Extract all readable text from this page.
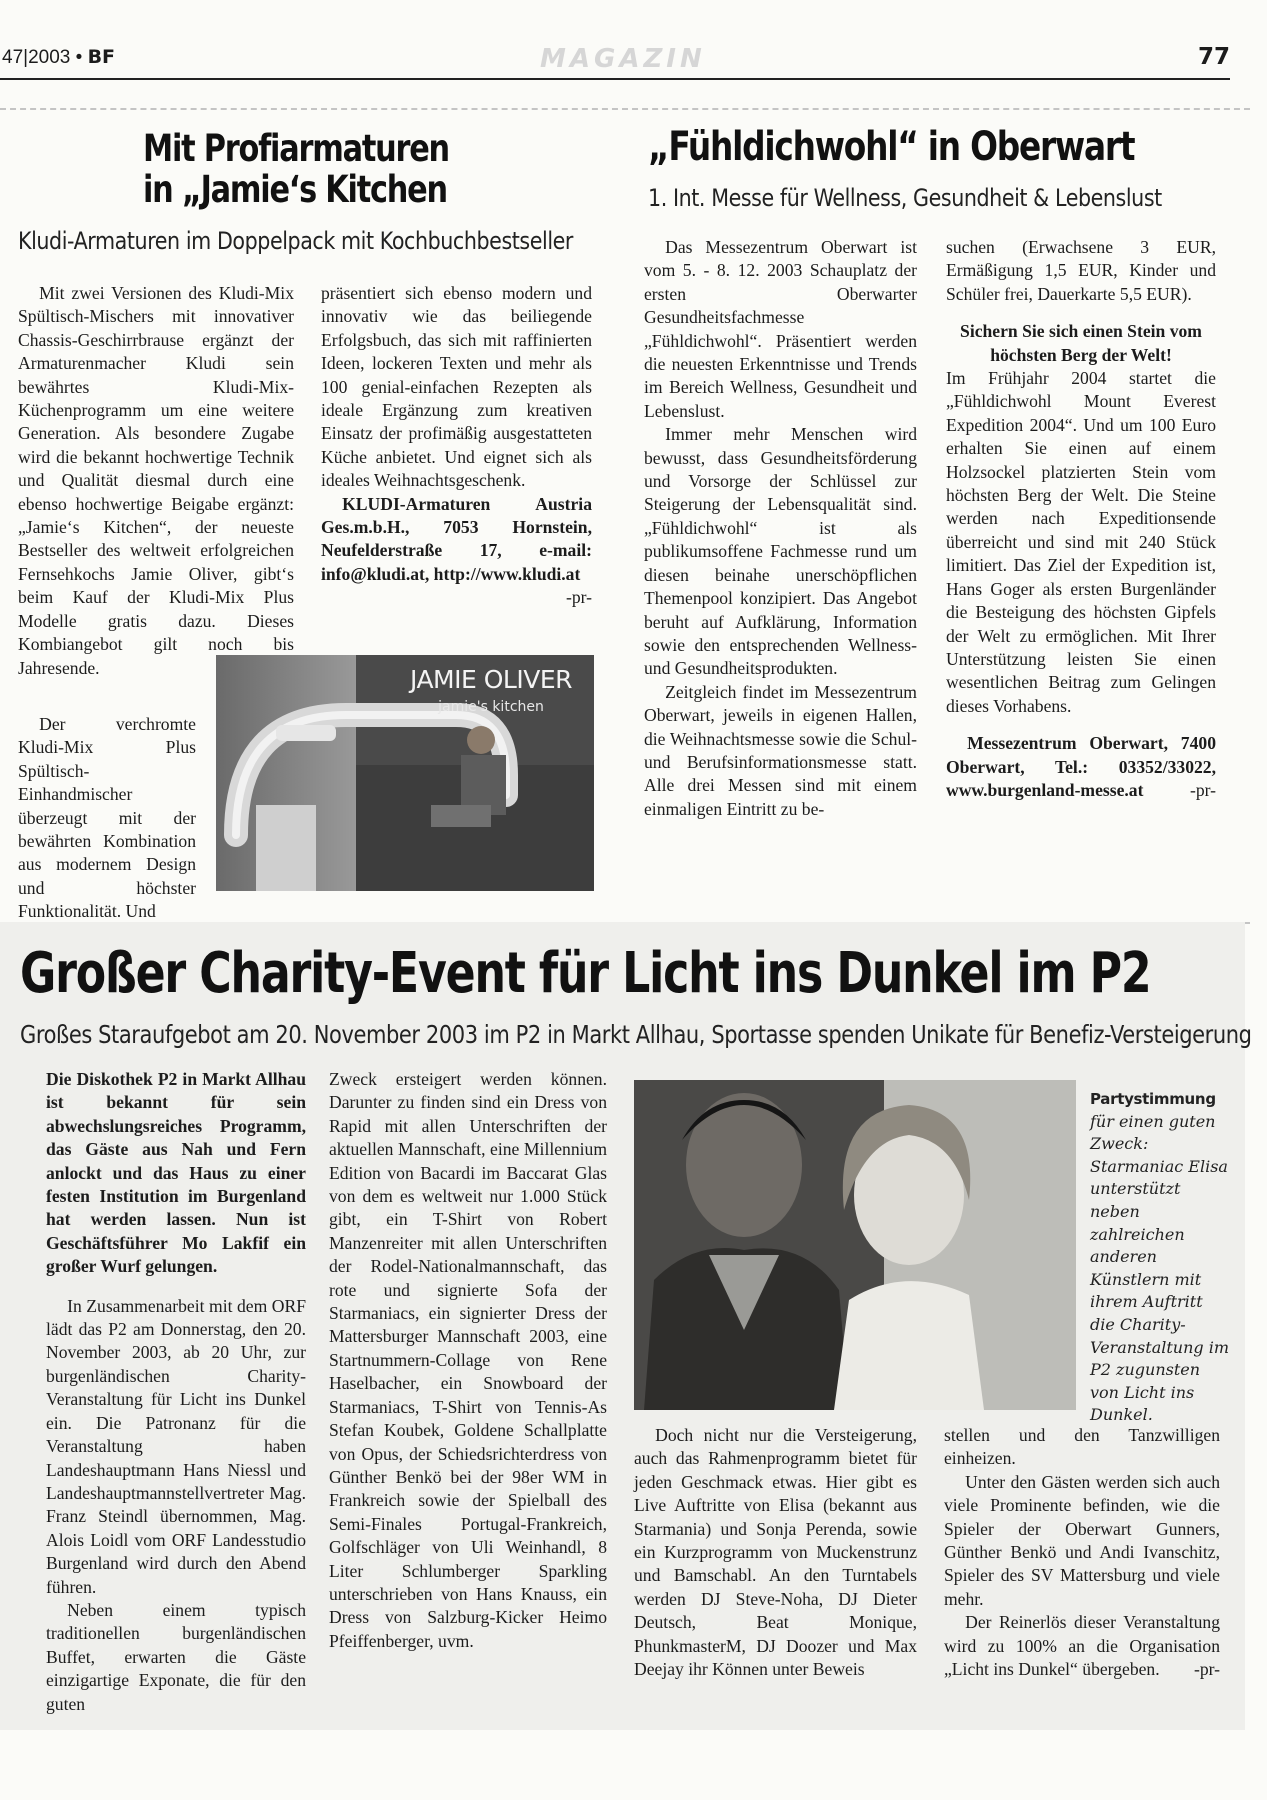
47|2003 • BF	MAGAZIN	77
Mit Profiarmaturen
in „Jamie‘s Kitchen
Kludi-Armaturen im Doppelpack mit Kochbuchbestseller

Mit zwei Versionen des Kludi-Mix Spültisch-Mischers mit innovativer Chassis-Geschirrbrause ergänzt der Armaturenmacher Kludi sein bewährtes Kludi-Mix-Küchenprogramm um eine weitere Generation. Als besondere Zugabe wird die bekannt hochwertige Technik und Qualität diesmal durch eine ebenso hochwertige Beigabe ergänzt: „Jamie‘s Kitchen“, der neueste Bestseller des weltweit erfolgreichen Fernsehkochs Jamie Oliver, gibt‘s beim Kauf der Kludi-Mix Plus Modelle gratis dazu. Dieses Kombiangebot gilt noch bis Jahresende.

Der verchromte Kludi-Mix Plus Spültisch-Einhandmischer überzeugt mit der bewährten Kombination aus modernem Design und höchster Funktionalität. Und

präsentiert sich ebenso modern und innovativ wie das beiliegende Erfolgsbuch, das sich mit raffinierten Ideen, lockeren Texten und mehr als 100 genial-einfachen Rezepten als ideale Ergänzung zum kreativen Einsatz der profimäßig ausgestatteten Küche anbietet. Und eignet sich als ideales Weihnachtsgeschenk.

KLUDI-Armaturen Austria Ges.m.b.H., 7053 Hornstein, Neufelderstraße 17, e-mail: info@kludi.at, http://www.kludi.at
-pr-

JAMIE OLIVER
jamie's kitchen
„Fühldichwohl“ in Oberwart
1. Int. Messe für Wellness, Gesundheit & Lebenslust

Das Messezentrum Oberwart ist vom 5. - 8. 12. 2003 Schauplatz der ersten Oberwarter Gesundheitsfachmesse „Fühldichwohl“. Präsentiert werden die neuesten Erkenntnisse und Trends im Bereich Wellness, Gesundheit und Lebenslust.

Immer mehr Menschen wird bewusst, dass Gesundheitsförderung und Vorsorge der Schlüssel zur Steigerung der Lebensqualität sind. „Fühldichwohl“ ist als publikumsoffene Fachmesse rund um diesen beinahe unerschöpflichen Themenpool konzipiert. Das Angebot beruht auf Aufklärung, Information sowie den entsprechenden Wellness- und Gesundheitsprodukten.

Zeitgleich findet im Messezentrum Oberwart, jeweils in eigenen Hallen, die Weihnachtsmesse sowie die Schul- und Berufsinformationsmesse statt. Alle drei Messen sind mit einem einmaligen Eintritt zu be-

suchen (Erwachsene 3 EUR, Ermäßigung 1,5 EUR, Kinder und Schüler frei, Dauerkarte 5,5 EUR).

Sichern Sie sich einen Stein vom höchsten Berg der Welt!

Im Frühjahr 2004 startet die „Fühldichwohl Mount Everest Expedition 2004“. Und um 100 Euro erhalten Sie einen auf einem Holzsockel platzierten Stein vom höchsten Berg der Welt. Die Steine werden nach Expeditionsende überreicht und sind mit 240 Stück limitiert. Das Ziel der Expedition ist, Hans Goger als ersten Burgenländer die Besteigung des höchsten Gipfels der Welt zu ermöglichen. Mit Ihrer Unterstützung leisten Sie einen wesentlichen Beitrag zum Gelingen dieses Vorhabens.

Messezentrum Oberwart, 7400 Oberwart, Tel.: 03352/33022, www.burgenland-messe.at	-pr-

Großer Charity-Event für Licht ins Dunkel im P2
Großes Staraufgebot am 20. November 2003 im P2 in Markt Allhau, Sportasse spenden Unikate für Benefiz-Versteigerung

Die Diskothek P2 in Markt Allhau ist bekannt für sein abwechslungsreiches Programm, das Gäste aus Nah und Fern anlockt und das Haus zu einer festen Institution im Burgenland hat werden lassen. Nun ist Geschäftsführer Mo Lakfif ein großer Wurf gelungen.

In Zusammenarbeit mit dem ORF lädt das P2 am Donnerstag, den 20. November 2003, ab 20 Uhr, zur burgenländischen Charity-Veranstaltung für Licht ins Dunkel ein. Die Patronanz für die Veranstaltung haben Landeshauptmann Hans Niessl und Landeshauptmannstellvertreter Mag. Franz Steindl übernommen, Mag. Alois Loidl vom ORF Landesstudio Burgenland wird durch den Abend führen.

Neben einem typisch traditionellen burgenländischen Buffet, erwarten die Gäste einzigartige Exponate, die für den guten

Zweck ersteigert werden können. Darunter zu finden sind ein Dress von Rapid mit allen Unterschriften der aktuellen Mannschaft, eine Millennium Edition von Bacardi im Baccarat Glas von dem es weltweit nur 1.000 Stück gibt, ein T-Shirt von Robert Manzenreiter mit allen Unterschriften der Rodel-Nationalmannschaft, das rote und signierte Sofa der Starmaniacs, ein signierter Dress der Mattersburger Mannschaft 2003, eine Startnummern-Collage von Rene Haselbacher, ein Snowboard der Starmaniacs, T-Shirt von Tennis-As Stefan Koubek, Goldene Schallplatte von Opus, der Schiedsrichterdress von Günther Benkö bei der 98er WM in Frankreich sowie der Spielball des Semi-Finales Portugal-Frankreich, Golfschläger von Uli Weinhandl, 8 Liter Schlumberger Sparkling unterschrieben von Hans Knauss, ein Dress von Salzburg-Kicker Heimo Pfeiffenberger, uvm.

Partystimmung
für einen guten Zweck: Starmaniac Elisa unterstützt neben zahlreichen anderen Künstlern mit ihrem Auftritt die Charity-Veranstaltung im P2 zugunsten von Licht ins Dunkel.

Doch nicht nur die Versteigerung, auch das Rahmenprogramm bietet für jeden Geschmack etwas. Hier gibt es Live Auftritte von Elisa (bekannt aus Starmania) und Sonja Perenda, sowie ein Kurzprogramm von Muckenstrunz und Bamschabl. An den Turntabels werden DJ Steve-Noha, DJ Dieter Deutsch, Beat Monique, PhunkmasterM, DJ Doozer und Max Deejay ihr Können unter Beweis

stellen und den Tanzwilligen einheizen.

Unter den Gästen werden sich auch viele Prominente befinden, wie die Spieler der Oberwart Gunners, Günther Benkö und Andi Ivanschitz, Spieler des SV Mattersburg und viele mehr.

Der Reinerlös dieser Veranstaltung wird zu 100% an die Organisation „Licht ins Dunkel“ übergeben.	-pr-
